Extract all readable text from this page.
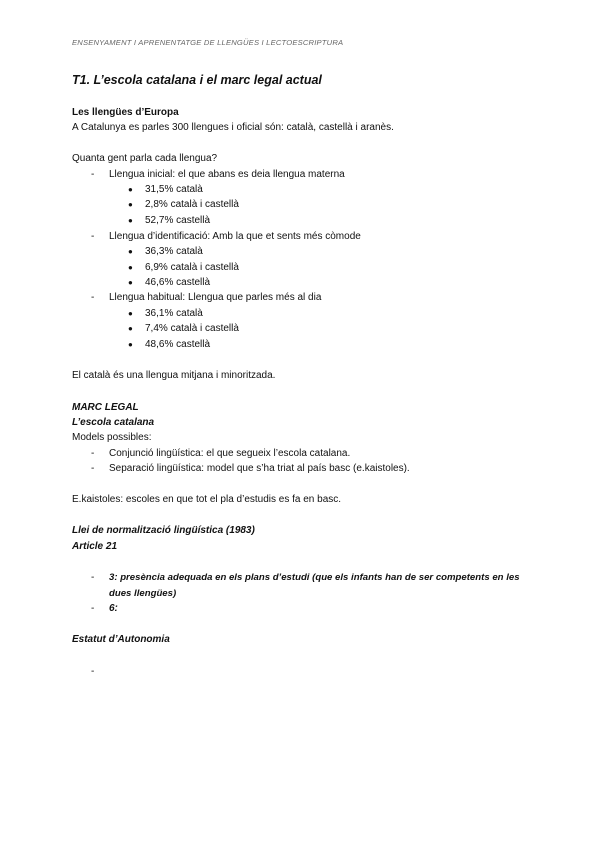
ENSENYAMENT I APRENENTATGE DE LLENGÜES I LECTOESCRIPTURA
T1. L’escola catalana i el marc legal actual
Les llengües d’Europa
A Catalunya es parles 300 llengues i oficial són: català, castellà i aranès.
Quanta gent parla cada llengua?
- Llengua inicial: el que abans es deia llengua materna
● 31,5% català
● 2,8% català i castellà
● 52,7% castellà
- Llengua d’identificació: Amb la que et sents més còmode
● 36,3% català
● 6,9% català i castellà
● 46,6% castellà
- Llengua habitual: Llengua que parles més al dia
● 36,1% català
● 7,4% català i castellà
● 48,6% castellà
El català és una llengua mitjana i minoritzada.
MARC LEGAL
L’escola catalana
Models possibles:
- Conjunció lingüística: el que segueix l’escola catalana.
- Separació lingüística: model que s’ha triat al país basc (e.kaistoles).
E.kaistoles: escoles en que tot el pla d’estudis es fa en basc.
Llei de normalització lingüística (1983)
Article 21
- 3: presència adequada en els plans d’estudi (que els infants han de ser competents en les
dues llengües)
- 6:
Estatut d’Autonomia
-
